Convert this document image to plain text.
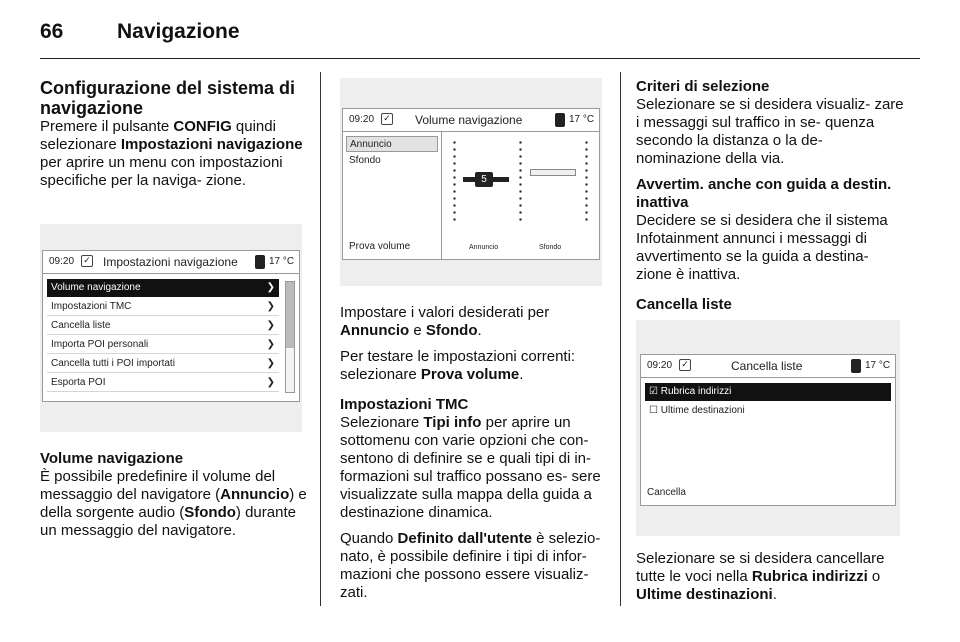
66	Navigazione

Configurazione del sistema di navigazione

Premere il pulsante CONFIG quindi selezionare Impostazioni navigazione per aprire un menu con impostazioni specifiche per la naviga- zione.

09:20 ✓ Impostazioni navigazione	17 °C
Volume navigazione	❯
Impostazioni TMC	❯
Cancella liste	❯
Importa POI personali	❯
Cancella tutti i POI importati	❯
Esporta POI	❯

Volume navigazione

È possibile predefinire il volume del messaggio del navigatore (Annuncio) e della sorgente audio (Sfondo) durante un messaggio del navigatore.

09:20 ✓ Volume navigazione	17 °C
Annuncio
Sfondo
Prova volume
5
Annuncio	Sfondo

Impostare i valori desiderati per Annuncio e Sfondo.

Per testare le impostazioni correnti: selezionare Prova volume.

Impostazioni TMC

Selezionare Tipi info per aprire un sottomenu con varie opzioni che con- sentono di definire se e quali tipi di in- formazioni sul traffico possano es- sere visualizzate sulla mappa della guida a destinazione dinamica.

Quando Definito dall'utente è selezio- nato, è possibile definire i tipi di infor- mazioni che possono essere visualiz- zati.

Criteri di selezione

Selezionare se si desidera visualiz- zare i messaggi sul traffico in se- quenza secondo la distanza o la de- nominazione della via.

Avvertim. anche con guida a destin. inattiva

Decidere se si desidera che il sistema Infotainment annunci i messaggi di avvertimento se la guida a destina- zione è inattiva.

Cancella liste

09:20 ✓	Cancella liste	17 °C
☑ Rubrica indirizzi
☐ Ultime destinazioni
Cancella

Selezionare se si desidera cancellare tutte le voci nella Rubrica indirizzi o Ultime destinazioni.
